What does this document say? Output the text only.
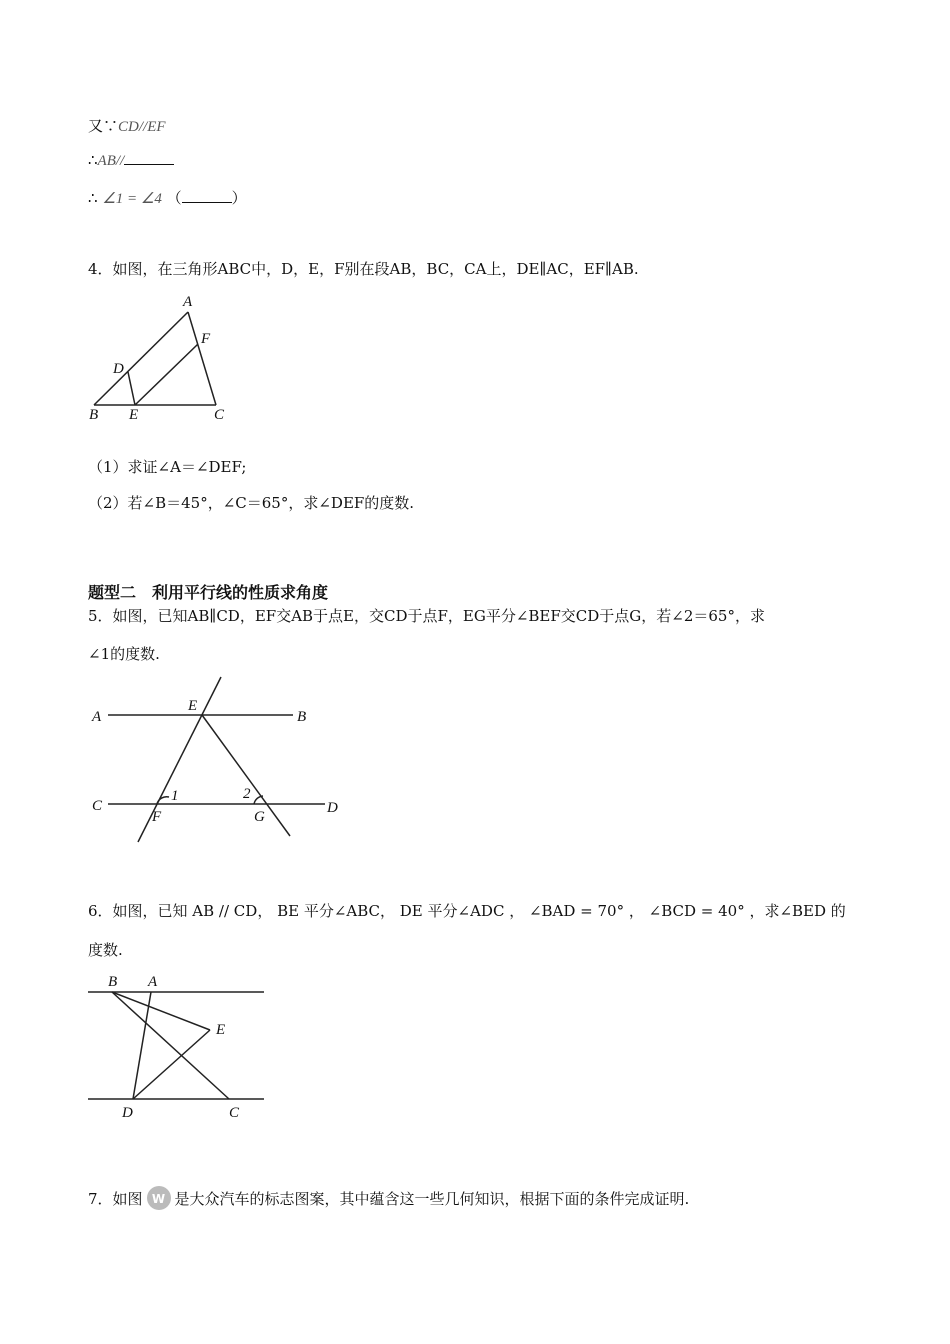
又∵CD//EF
∴AB//
∴ ∠1 = ∠4 （	）
4．如图，在三角形ABC中，D，E，F别在段AB，BC，CA上，DE∥AC，EF∥AB.
A
F
D
B E	C
（1）求证∠A＝∠DEF;
（2）若∠B＝45°，∠C＝65°，求∠DEF的度数.
题型二　利用平行线的性质求角度
5．如图，已知AB∥CD，EF交AB于点E，交CD于点F，EG平分∠BEF交CD于点G，若∠2＝65°，求
∠1的度数.
A
E
B
C
1	2
F	G
D
6．如图，已知 AB // CD， BE 平分∠ABC， DE 平分∠ADC ， ∠BAD = 70° ， ∠BCD = 40° ，求∠BED 的
度数.
B A
E
D	C
7．如图W 是大众汽车的标志图案，其中蕴含这一些几何知识，根据下面的条件完成证明.
